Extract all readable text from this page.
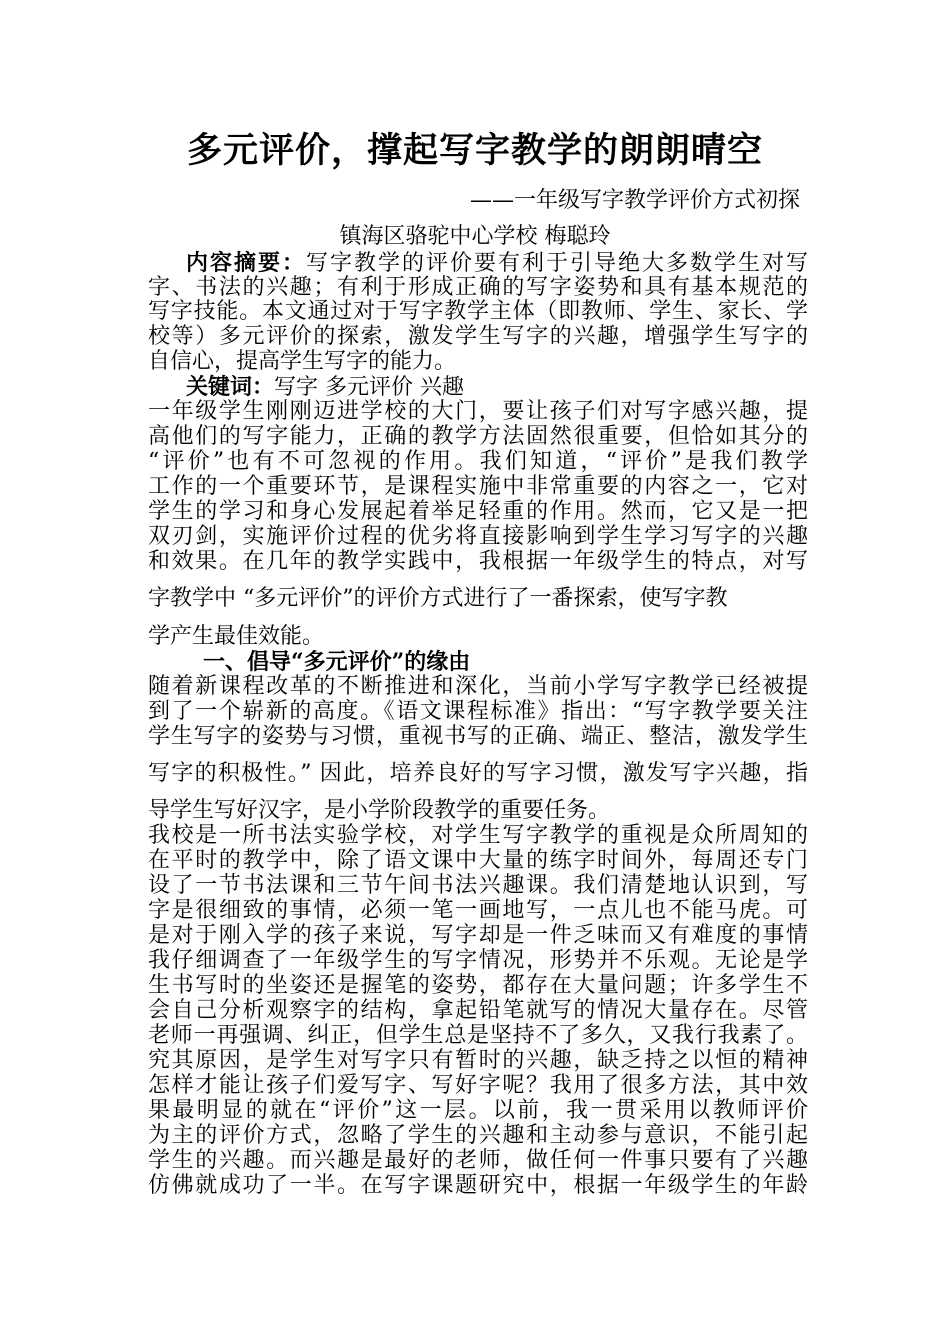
多元评价，撑起写字教学的朗朗晴空
——一年级写字教学评价方式初探
镇海区骆驼中心学校 梅聪玲
内容摘要：写字教学的评价要有利于引导绝大多数学生对写
字、书法的兴趣；有利于形成正确的写字姿势和具有基本规范的
写字技能。本文通过对于写字教学主体（即教师、学生、家长、学
校等）多元评价的探索，激发学生写字的兴趣，增强学生写字的
自信心，提高学生写字的能力。
关键词：写字 多元评价 兴趣
一年级学生刚刚迈进学校的大门，要让孩子们对写字感兴趣，提
高他们的写字能力，正确的教学方法固然很重要，但恰如其分的
“评价”也有不可忽视的作用。我们知道，“评价”是我们教学
工作的一个重要环节，是课程实施中非常重要的内容之一，它对
学生的学习和身心发展起着举足轻重的作用。然而，它又是一把
双刃剑，实施评价过程的优劣将直接影响到学生学习写字的兴趣
和效果。在几年的教学实践中，我根据一年级学生的特点，对写
字教学中 “多元评价”的评价方式进行了一番探索，使写字教
学产生最佳效能。
一、倡导“多元评价”的缘由
随着新课程改革的不断推进和深化，当前小学写字教学已经被提
到了一个崭新的高度。《语文课程标准》指出：“写字教学要关注
学生写字的姿势与习惯，重视书写的正确、端正、整洁，激发学生
写字的积极性。” 因此，培养良好的写字习惯，激发写字兴趣，指
导学生写好汉字，是小学阶段教学的重要任务。
我校是一所书法实验学校，对学生写字教学的重视是众所周知的
在平时的教学中，除了语文课中大量的练字时间外，每周还专门
设了一节书法课和三节午间书法兴趣课。我们清楚地认识到，写
字是很细致的事情，必须一笔一画地写，一点儿也不能马虎。可
是对于刚入学的孩子来说，写字却是一件乏味而又有难度的事情
我仔细调查了一年级学生的写字情况，形势并不乐观。无论是学
生书写时的坐姿还是握笔的姿势，都存在大量问题；许多学生不
会自己分析观察字的结构，拿起铅笔就写的情况大量存在。尽管
老师一再强调、纠正，但学生总是坚持不了多久，又我行我素了。
究其原因，是学生对写字只有暂时的兴趣，缺乏持之以恒的精神
怎样才能让孩子们爱写字、写好字呢？我用了很多方法，其中效
果最明显的就在“评价”这一层。以前，我一贯采用以教师评价
为主的评价方式，忽略了学生的兴趣和主动参与意识，不能引起
学生的兴趣。而兴趣是最好的老师，做任何一件事只要有了兴趣
仿佛就成功了一半。在写字课题研究中，根据一年级学生的年龄
